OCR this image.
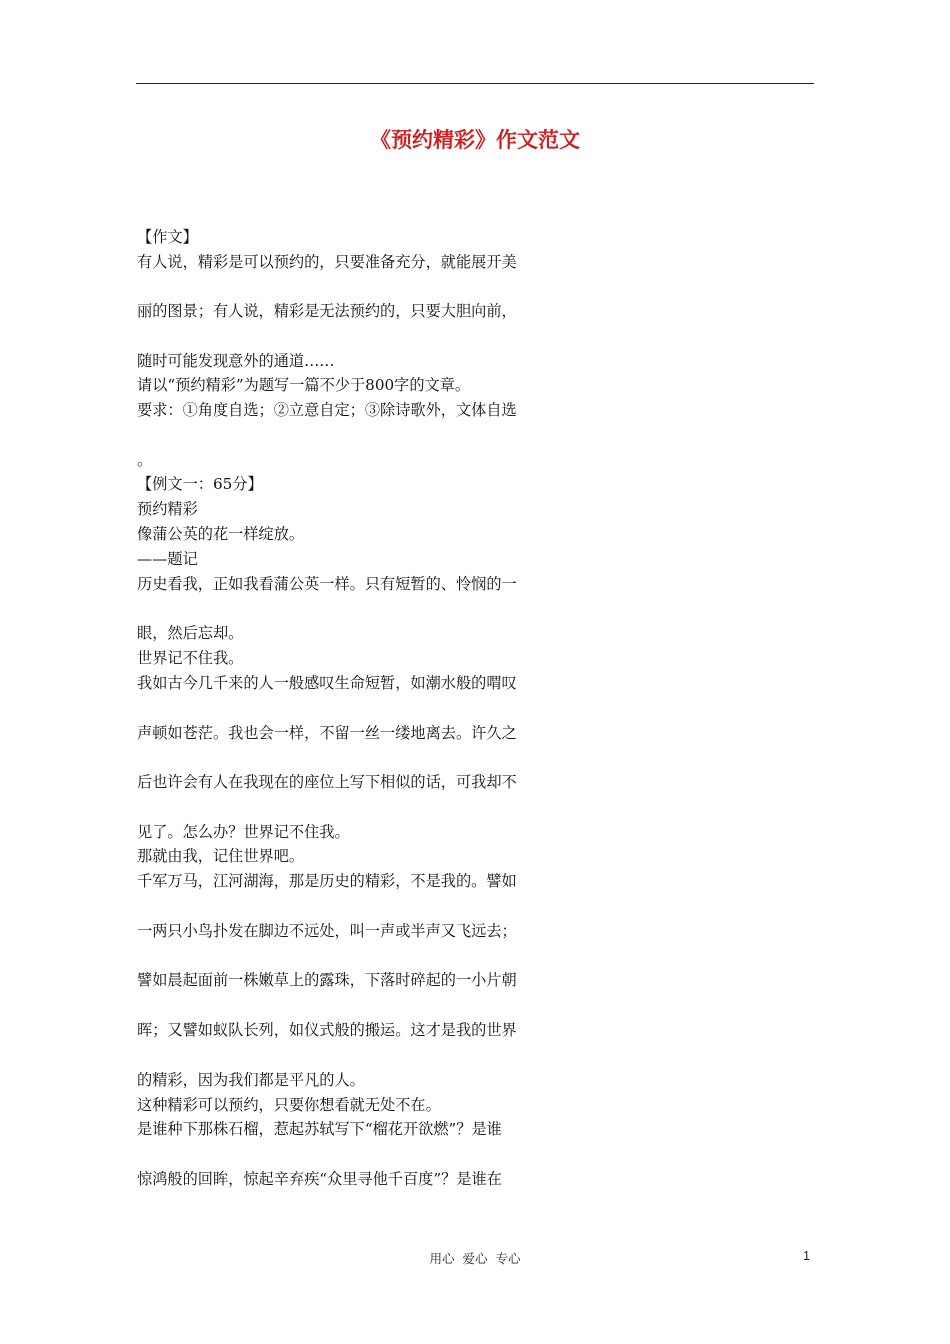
《预约精彩》作文范文
【作文】
有人说，精彩是可以预约的，只要准备充分，就能展开美
丽的图景；有人说，精彩是无法预约的，只要大胆向前，
随时可能发现意外的通道……
请以“预约精彩”为题写一篇不少于800字的文章。
要求：①角度自选；②立意自定；③除诗歌外，文体自选
。
【例文一：65分】
预约精彩
像蒲公英的花一样绽放。
——题记
历史看我，正如我看蒲公英一样。只有短暂的、怜悯的一
眼，然后忘却。
世界记不住我。
我如古今几千来的人一般感叹生命短暂，如潮水般的喟叹
声顿如苍茫。我也会一样，不留一丝一缕地离去。许久之
后也许会有人在我现在的座位上写下相似的话，可我却不
见了。怎么办？世界记不住我。
那就由我，记住世界吧。
千军万马，江河湖海，那是历史的精彩，不是我的。譬如
一两只小鸟扑发在脚边不远处，叫一声或半声又飞远去；
譬如晨起面前一株嫩草上的露珠，下落时碎起的一小片朝
晖；又譬如蚁队长列，如仪式般的搬运。这才是我的世界
的精彩，因为我们都是平凡的人。
这种精彩可以预约，只要你想看就无处不在。
是谁种下那株石榴，惹起苏轼写下“榴花开欲燃”？是谁
惊鸿般的回眸，惊起辛弃疾“众里寻他千百度”？是谁在
用心  爱心  专心	1
